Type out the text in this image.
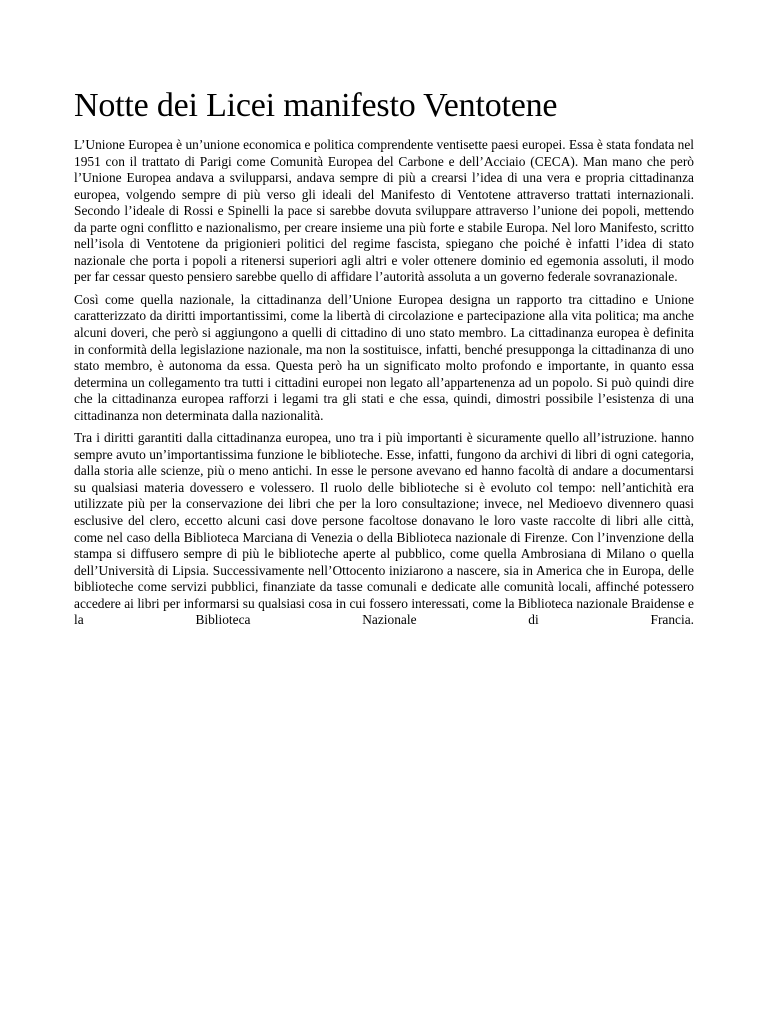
Notte dei Licei manifesto Ventotene

L’Unione Europea è un’unione economica e politica comprendente ventisette paesi europei. Essa è stata fondata nel 1951 con il trattato di Parigi come Comunità Europea del Carbone e dell’Acciaio (CECA). Man mano che però l’Unione Europea andava a svilupparsi, andava sempre di più a crearsi l’idea di una vera e propria cittadinanza europea, volgendo sempre di più verso gli ideali del Manifesto di Ventotene attraverso trattati internazionali. Secondo l’ideale di Rossi e Spinelli la pace si sarebbe dovuta sviluppare attraverso l’unione dei popoli, mettendo da parte ogni conflitto e nazionalismo, per creare insieme una più forte e stabile Europa. Nel loro Manifesto, scritto nell’isola di Ventotene da prigionieri politici del regime fascista, spiegano che poiché è infatti l’idea di stato nazionale che porta i popoli a ritenersi superiori agli altri e voler ottenere dominio ed egemonia assoluti, il modo per far cessar questo pensiero sarebbe quello di affidare l’autorità assoluta a un governo federale sovranazionale.

Così come quella nazionale, la cittadinanza dell’Unione Europea designa un rapporto tra cittadino e Unione caratterizzato da diritti importantissimi, come la libertà di circolazione e partecipazione alla vita politica; ma anche alcuni doveri, che però si aggiungono a quelli di cittadino di uno stato membro. La cittadinanza europea è definita in conformità della legislazione nazionale, ma non la sostituisce, infatti, benché presupponga la cittadinanza di uno stato membro, è autonoma da essa. Questa però ha un significato molto profondo e importante, in quanto essa determina un collegamento tra tutti i cittadini europei non legato all’appartenenza ad un popolo. Si può quindi dire che la cittadinanza europea rafforzi i legami tra gli stati e che essa, quindi, dimostri possibile l’esistenza di una cittadinanza non determinata dalla nazionalità.

Tra i diritti garantiti dalla cittadinanza europea, uno tra i più importanti è sicuramente quello all’istruzione. hanno sempre avuto un’importantissima funzione le biblioteche. Esse, infatti, fungono da archivi di libri di ogni categoria, dalla storia alle scienze, più o meno antichi. In esse le persone avevano ed hanno facoltà di andare a documentarsi su qualsiasi materia dovessero e volessero. Il ruolo delle biblioteche si è evoluto col tempo: nell’antichità era utilizzate più per la conservazione dei libri che per la loro consultazione; invece, nel Medioevo divennero quasi esclusive del clero, eccetto alcuni casi dove persone facoltose donavano le loro vaste raccolte di libri alle città, come nel caso della Biblioteca Marciana di Venezia o della Biblioteca nazionale di Firenze. Con l’invenzione della stampa si diffusero sempre di più le biblioteche aperte al pubblico, come quella Ambrosiana di Milano o quella dell’Università di Lipsia. Successivamente nell’Ottocento iniziarono a nascere, sia in America che in Europa, delle biblioteche come servizi pubblici, finanziate da tasse comunali e dedicate alle comunità locali, affinché potessero accedere ai libri per informarsi su qualsiasi cosa in cui fossero interessati, come la Biblioteca nazionale Braidense e la Biblioteca Nazionale di Francia.
